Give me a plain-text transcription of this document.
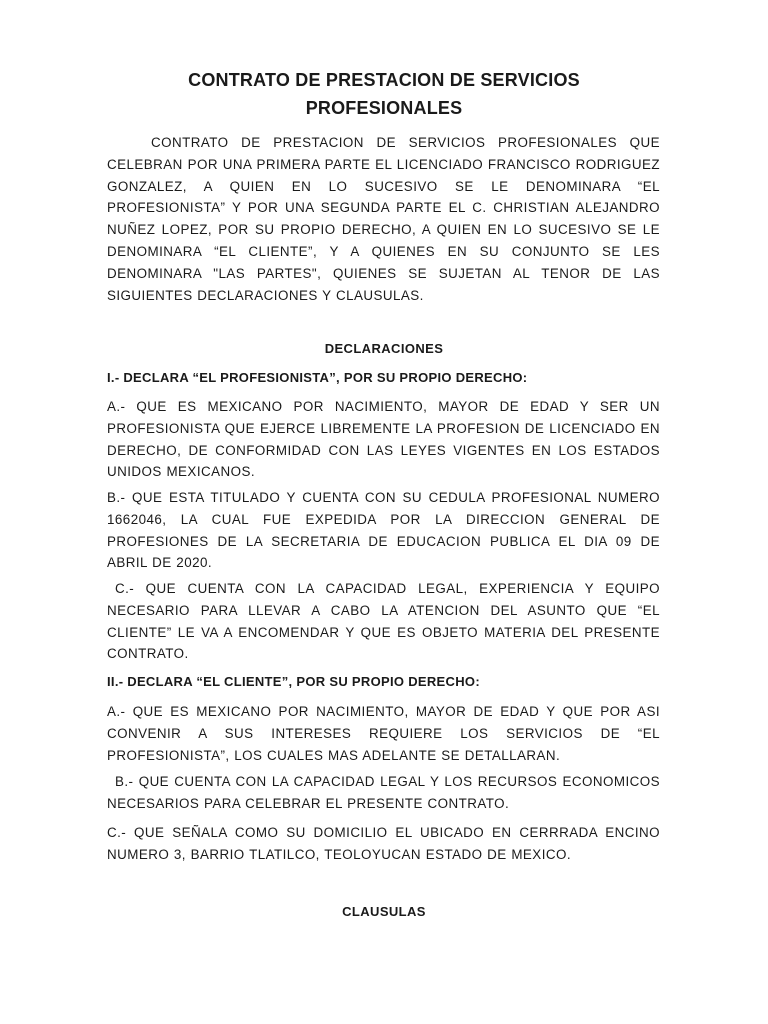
CONTRATO DE PRESTACION DE SERVICIOS
PROFESIONALES
CONTRATO DE PRESTACION DE SERVICIOS PROFESIONALES QUE CELEBRAN POR UNA PRIMERA PARTE EL LICENCIADO FRANCISCO RODRIGUEZ GONZALEZ, A QUIEN EN LO SUCESIVO SE LE DENOMINARA “EL PROFESIONISTA” Y POR UNA SEGUNDA PARTE EL C. CHRISTIAN ALEJANDRO NUÑEZ LOPEZ, POR SU PROPIO DERECHO, A QUIEN EN LO SUCESIVO SE LE DENOMINARA “EL CLIENTE”, Y A QUIENES EN SU CONJUNTO SE LES DENOMINARA "LAS PARTES", QUIENES SE SUJETAN AL TENOR DE LAS SIGUIENTES DECLARACIONES Y CLAUSULAS.
DECLARACIONES
I.- DECLARA “EL PROFESIONISTA”, POR SU PROPIO DERECHO:
A.- QUE ES MEXICANO POR NACIMIENTO, MAYOR DE EDAD Y SER UN PROFESIONISTA QUE EJERCE LIBREMENTE LA PROFESION DE LICENCIADO EN DERECHO, DE CONFORMIDAD CON LAS LEYES VIGENTES EN LOS ESTADOS UNIDOS MEXICANOS.
B.- QUE ESTA TITULADO Y CUENTA CON SU CEDULA PROFESIONAL NUMERO 1662046, LA CUAL FUE EXPEDIDA POR LA DIRECCION GENERAL DE PROFESIONES DE LA SECRETARIA DE EDUCACION PUBLICA EL DIA 09 DE ABRIL DE 2020.
C.- QUE CUENTA CON LA CAPACIDAD LEGAL, EXPERIENCIA Y EQUIPO NECESARIO PARA LLEVAR A CABO LA ATENCION DEL ASUNTO QUE “EL CLIENTE” LE VA A ENCOMENDAR Y QUE ES OBJETO MATERIA DEL PRESENTE CONTRATO.
II.- DECLARA “EL CLIENTE”, POR SU PROPIO DERECHO:
A.- QUE ES MEXICANO POR NACIMIENTO, MAYOR DE EDAD Y QUE POR ASI CONVENIR A SUS INTERESES REQUIERE LOS SERVICIOS DE “EL PROFESIONISTA”, LOS CUALES MAS ADELANTE SE DETALLARAN.
B.- QUE CUENTA CON LA CAPACIDAD LEGAL Y LOS RECURSOS ECONOMICOS NECESARIOS PARA CELEBRAR EL PRESENTE CONTRATO.
C.- QUE SEÑALA COMO SU DOMICILIO EL UBICADO EN CERRRADA ENCINO NUMERO 3, BARRIO TLATILCO, TEOLOYUCAN ESTADO DE MEXICO.
CLAUSULAS
